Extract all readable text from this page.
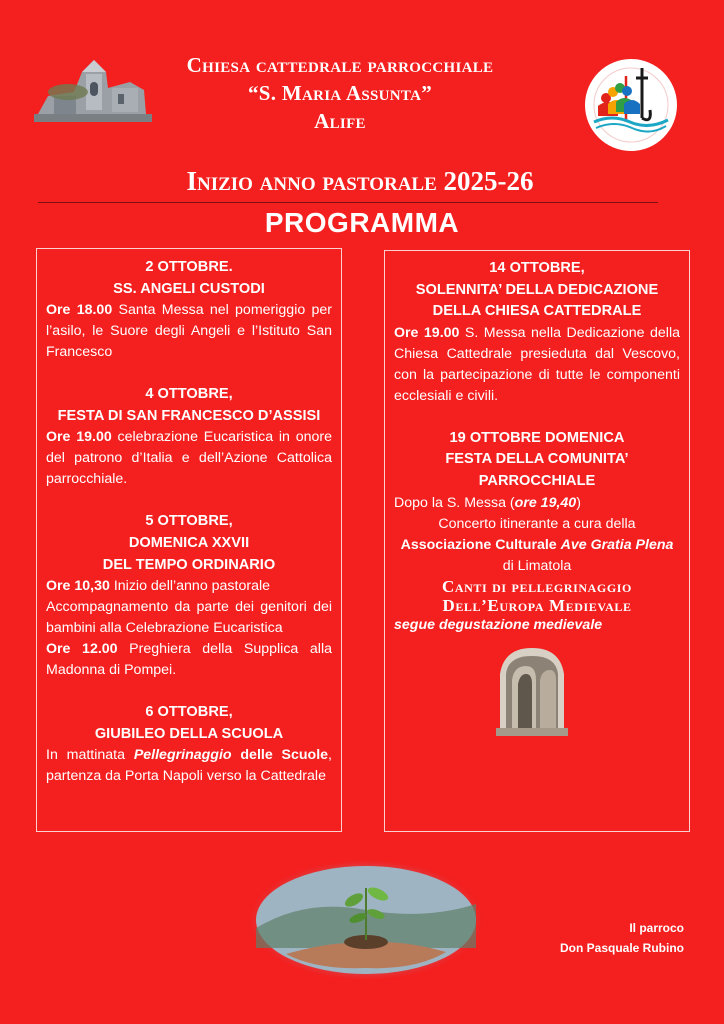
Chiesa cattedrale parrocchiale
“S. Maria Assunta”
Alife
Inizio anno pastorale 2025-26
PROGRAMMA

2 OTTOBRE.

SS. ANGELI CUSTODI

Ore 18.00 Santa Messa nel pomeriggio per l’asilo, le Suore degli Angeli e l’Istituto San Francesco

4 OTTOBRE,

FESTA DI SAN FRANCESCO D’ASSISI

Ore 19.00 celebrazione Eucaristica in onore del patrono d’Italia e dell’Azione Cattolica parrocchiale.

5 OTTOBRE,

DOMENICA XXVII

DEL TEMPO ORDINARIO

Ore 10,30 Inizio dell’anno pastorale

Accompagnamento da parte dei genitori dei bambini alla Celebrazione Eucaristica

Ore 12.00 Preghiera della Supplica alla Madonna di Pompei.

6 OTTOBRE,

GIUBILEO DELLA SCUOLA

In mattinata Pellegrinaggio delle Scuole, partenza da Porta Napoli verso la Cattedrale

14 OTTOBRE,

SOLENNITA’ DELLA DEDICAZIONE

DELLA CHIESA CATTEDRALE

Ore 19.00 S. Messa nella Dedicazione della Chiesa Cattedrale presieduta dal Vescovo, con la partecipazione di tutte le componenti ecclesiali e civili.

19 OTTOBRE DOMENICA

FESTA DELLA COMUNITA’

PARROCCHIALE

Dopo la S. Messa (ore 19,40)

Concerto itinerante a cura della

Associazione Culturale Ave Gratia Plena

di Limatola

Canti di pellegrinaggio

Dell’Europa Medievale

segue degustazione medievale

Il parroco
Don Pasquale Rubino
